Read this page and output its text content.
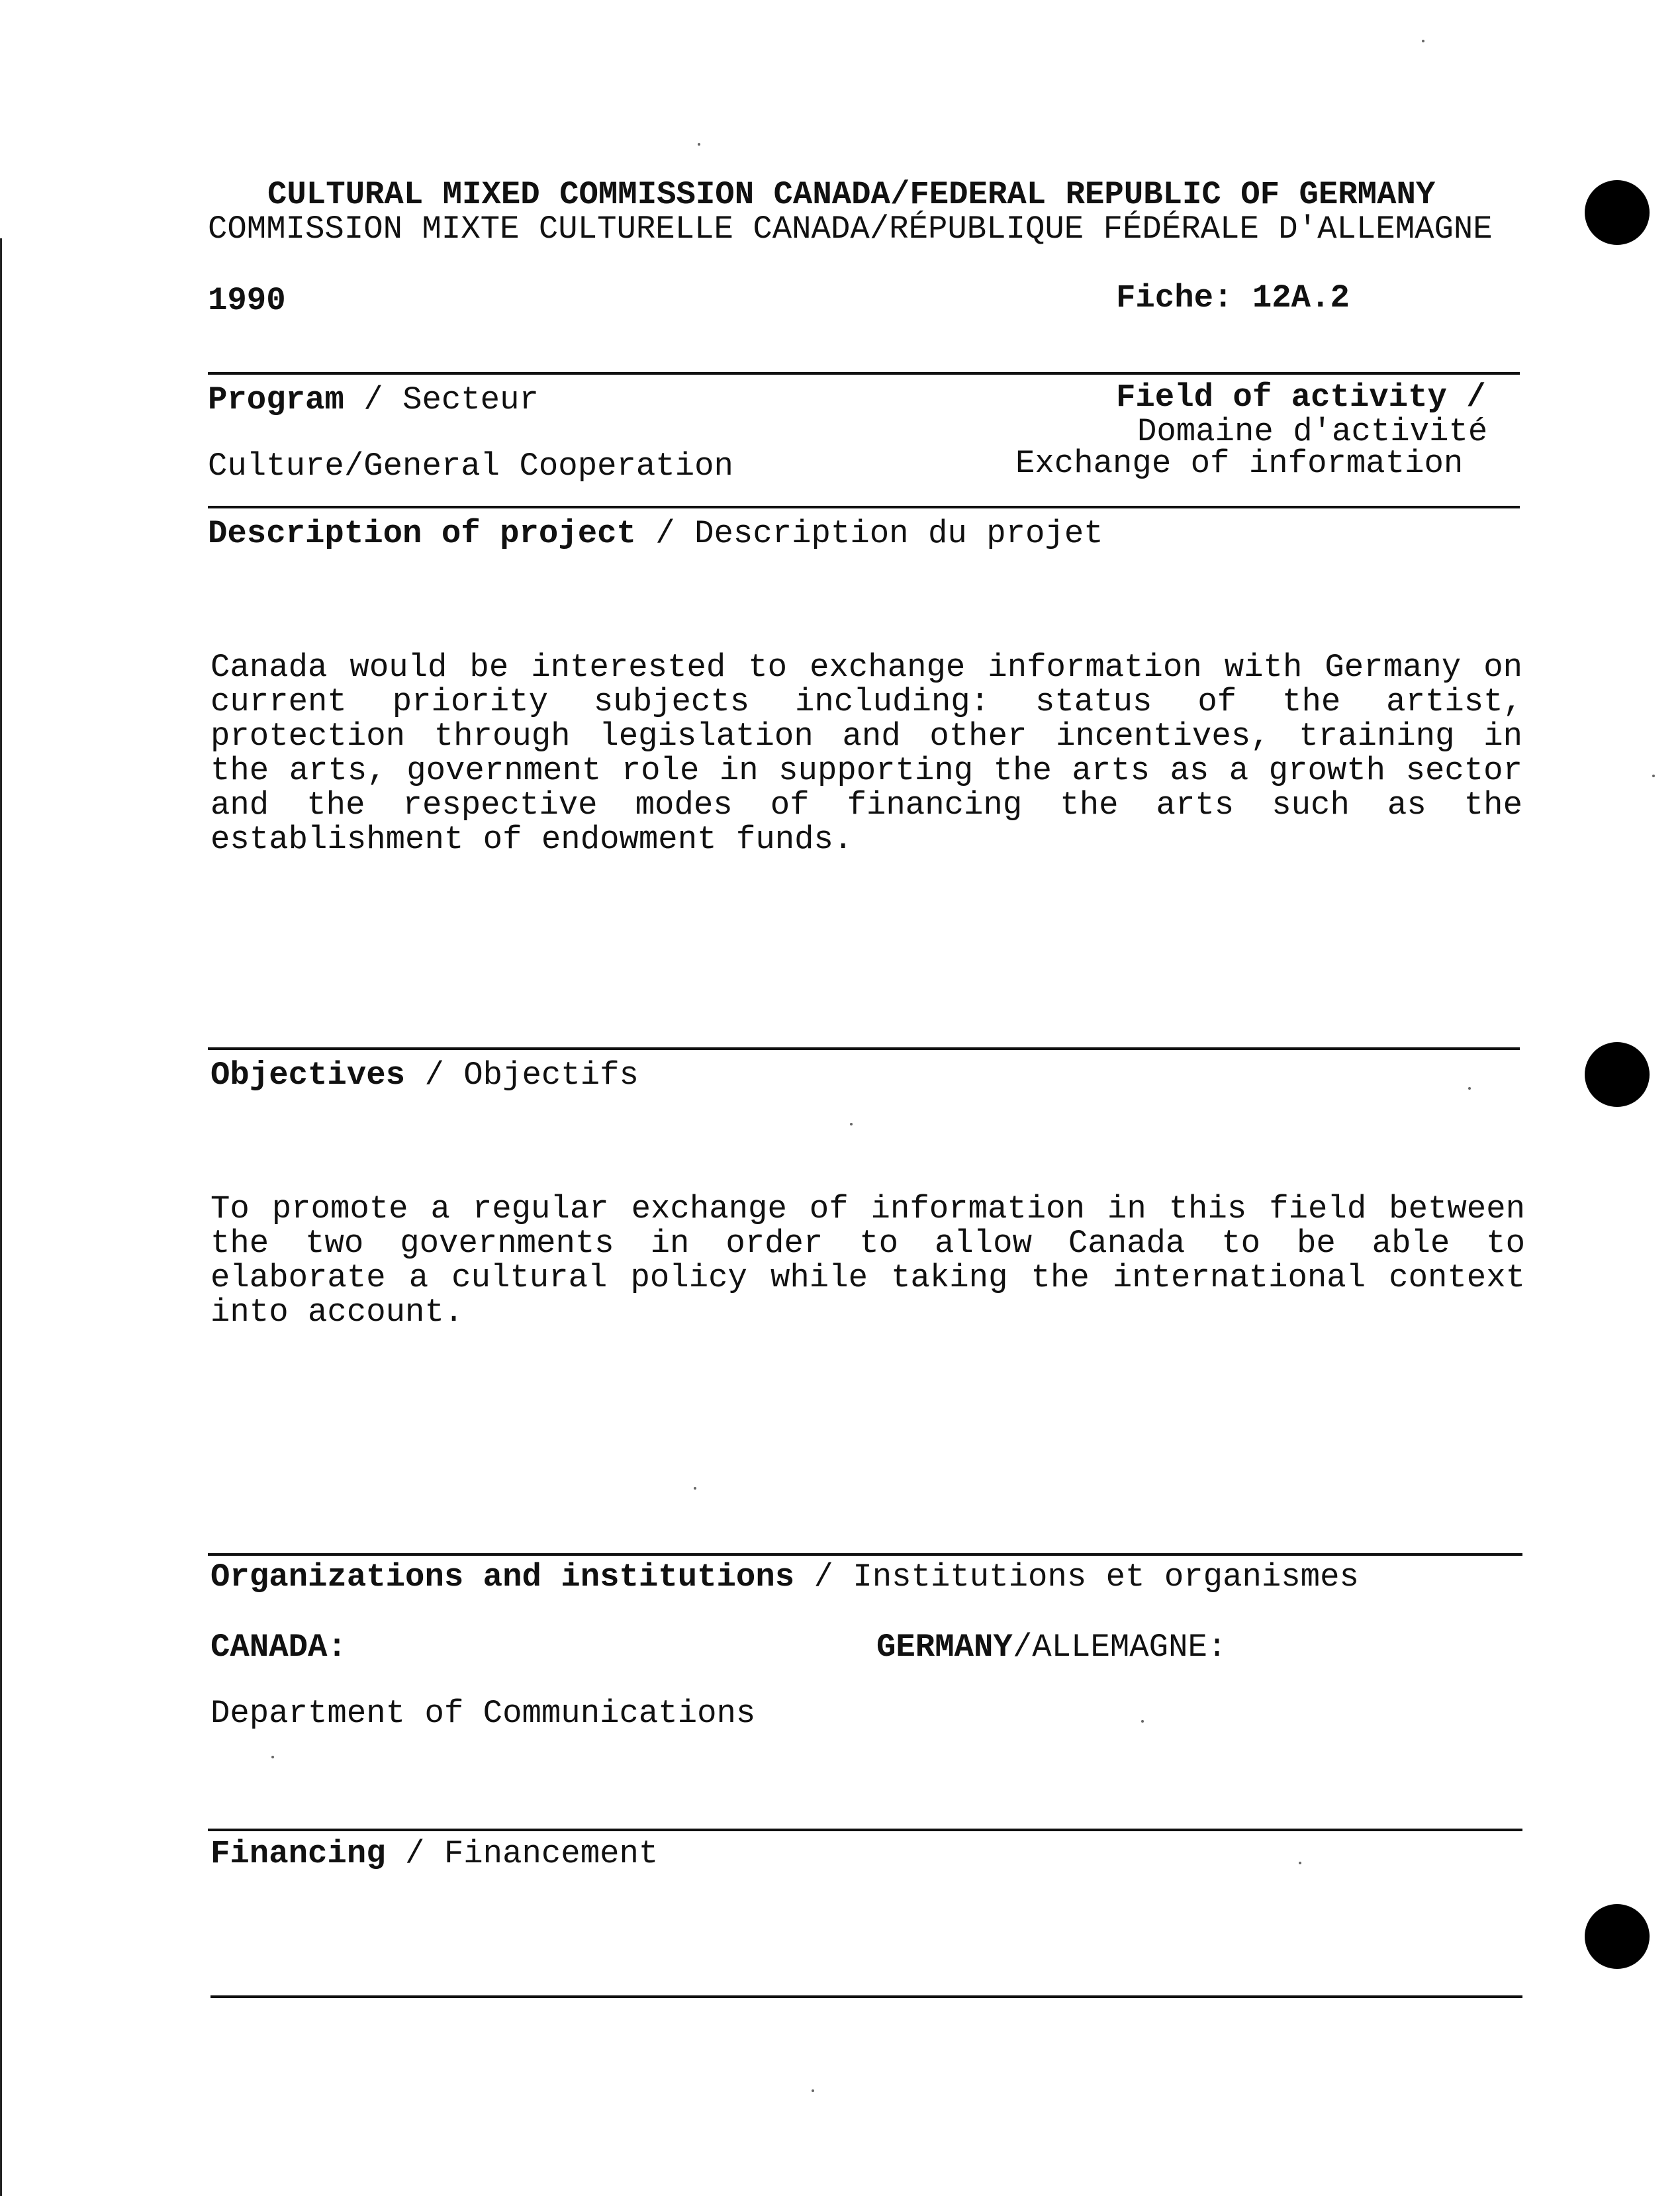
CULTURAL MIXED COMMISSION CANADA/FEDERAL REPUBLIC OF GERMANY
COMMISSION MIXTE CULTURELLE CANADA/RÉPUBLIQUE FÉDÉRALE D'ALLEMAGNE
1990	Fiche: 12A.2
Program / Secteur	Field of activity /
Domaine d'activité
Culture/General Cooperation	Exchange of information
Description of project / Description du projet
Canada would be interested to exchange information with Germany on current priority subjects including: status of the artist, protection through legislation and other incentives, training in the arts, government role in supporting the arts as a growth sector and the respective modes of financing the arts such as the establishment of endowment funds.
Objectives / Objectifs
To promote a regular exchange of information in this field between the two governments in order to allow Canada to be able to elaborate a cultural policy while taking the international context into account.
Organizations and institutions / Institutions et organismes
CANADA:	GERMANY/ALLEMAGNE:
Department of Communications
Financing / Financement
